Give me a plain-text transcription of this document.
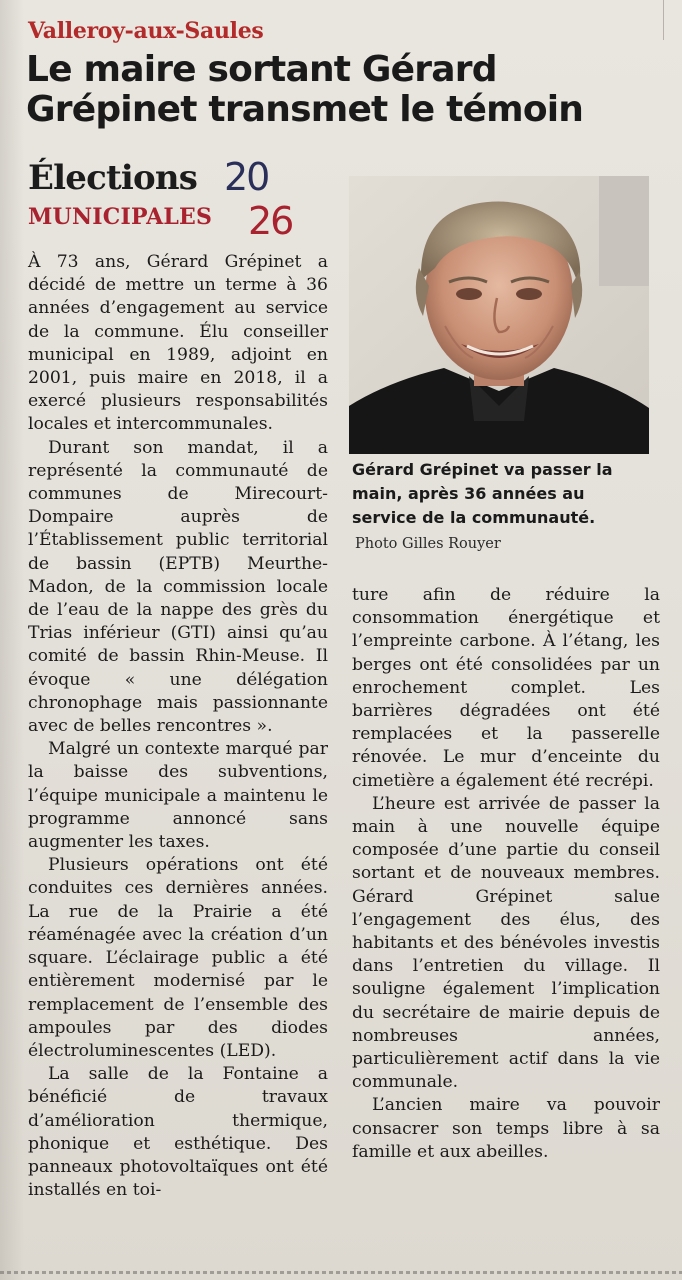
Valleroy-aux-Saules
Le maire sortant Gérard Grépinet transmet le témoin
Élections
MUNICIPALES
20
26
Gérard Grépinet va passer la main, après 36 années au service de la communauté.
Photo Gilles Rouyer

À 73 ans, Gérard Grépinet a décidé de mettre un terme à 36 années d’engagement au service de la commune. Élu conseiller municipal en 1989, adjoint en 2001, puis maire en 2018, il a exercé plusieurs responsabilités locales et intercommunales.

Durant son mandat, il a représenté la communauté de communes de Mirecourt-Dompaire auprès de l’Établissement public territorial de bassin (EPTB) Meurthe-Madon, de la commission locale de l’eau de la nappe des grès du Trias inférieur (GTI) ainsi qu’au comité de bassin Rhin-Meuse. Il évoque « une délégation chronophage mais passionnante avec de belles rencontres ».

Malgré un contexte marqué par la baisse des subventions, l’équipe municipale a maintenu le programme annoncé sans augmenter les taxes.

Plusieurs opérations ont été conduites ces dernières années. La rue de la Prairie a été réaménagée avec la création d’un square. L’éclairage public a été entièrement modernisé par le remplacement de l’ensemble des ampoules par des diodes électroluminescentes (LED).

La salle de la Fontaine a bénéficié de travaux d’amélioration thermique, phonique et esthétique. Des panneaux photovoltaïques ont été installés en toi-

ture afin de réduire la consommation énergétique et l’empreinte carbone. À l’étang, les berges ont été consolidées par un enrochement complet. Les barrières dégradées ont été remplacées et la passerelle rénovée. Le mur d’enceinte du cimetière a également été recrépi.

L’heure est arrivée de passer la main à une nouvelle équipe composée d’une partie du conseil sortant et de nouveaux membres. Gérard Grépinet salue l’engagement des élus, des habitants et des bénévoles investis dans l’entretien du village. Il souligne également l’implication du secrétaire de mairie depuis de nombreuses années, particulièrement actif dans la vie communale.

L’ancien maire va pouvoir consacrer son temps libre à sa famille et aux abeilles.
